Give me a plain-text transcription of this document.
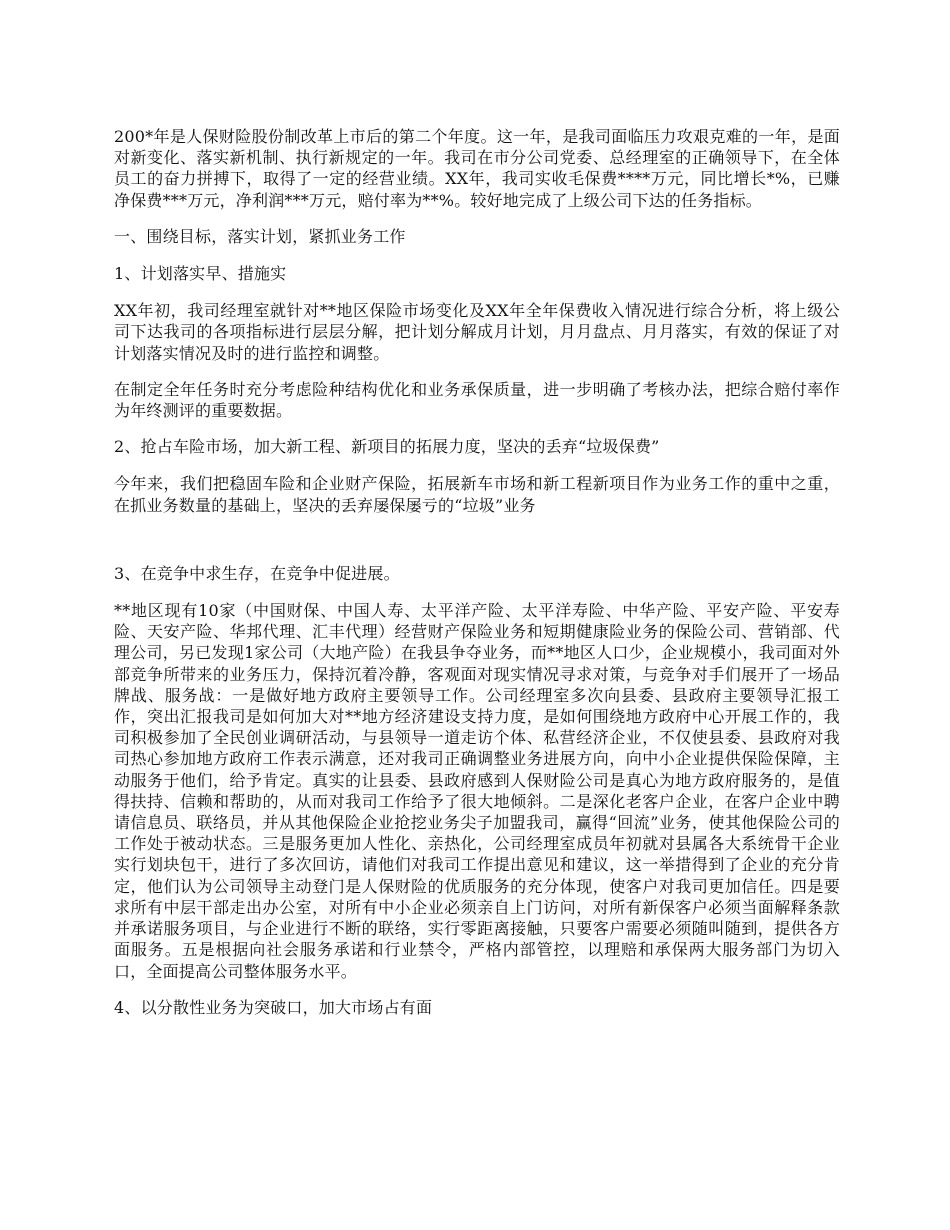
200*年是人保财险股份制改革上市后的第二个年度。这一年，是我司面临压力攻艰克难的一年，是面对新变化、落实新机制、执行新规定的一年。我司在市分公司党委、总经理室的正确领导下，在全体员工的奋力拼搏下，取得了一定的经营业绩。XX年，我司实收毛保费****万元，同比增长*%，已赚净保费***万元，净利润***万元，赔付率为**%。较好地完成了上级公司下达的任务指标。

一、围绕目标，落实计划，紧抓业务工作

1、计划落实早、措施实

XX年初，我司经理室就针对**地区保险市场变化及XX年全年保费收入情况进行综合分析，将上级公司下达我司的各项指标进行层层分解，把计划分解成月计划，月月盘点、月月落实，有效的保证了对计划落实情况及时的进行监控和调整。

在制定全年任务时充分考虑险种结构优化和业务承保质量，进一步明确了考核办法，把综合赔付率作为年终测评的重要数据。

2、抢占车险市场，加大新工程、新项目的拓展力度，坚决的丢弃“垃圾保费”

今年来，我们把稳固车险和企业财产保险，拓展新车市场和新工程新项目作为业务工作的重中之重，在抓业务数量的基础上，坚决的丢弃屡保屡亏的“垃圾”业务

3、在竞争中求生存，在竞争中促进展。

**地区现有10家（中国财保、中国人寿、太平洋产险、太平洋寿险、中华产险、平安产险、平安寿险、天安产险、华邦代理、汇丰代理）经营财产保险业务和短期健康险业务的保险公司、营销部、代理公司，另已发现1家公司（大地产险）在我县争夺业务，而**地区人口少，企业规模小，我司面对外部竞争所带来的业务压力，保持沉着冷静，客观面对现实情况寻求对策，与竞争对手们展开了一场品牌战、服务战：一是做好地方政府主要领导工作。公司经理室多次向县委、县政府主要领导汇报工作，突出汇报我司是如何加大对**地方经济建设支持力度，是如何围绕地方政府中心开展工作的，我司积极参加了全民创业调研活动，与县领导一道走访个体、私营经济企业，不仅使县委、县政府对我司热心参加地方政府工作表示满意，还对我司正确调整业务进展方向，向中小企业提供保险保障，主动服务于他们，给予肯定。真实的让县委、县政府感到人保财险公司是真心为地方政府服务的，是值得扶持、信赖和帮助的，从而对我司工作给予了很大地倾斜。二是深化老客户企业，在客户企业中聘请信息员、联络员，并从其他保险企业抢挖业务尖子加盟我司，赢得“回流”业务，使其他保险公司的工作处于被动状态。三是服务更加人性化、亲热化，公司经理室成员年初就对县属各大系统骨干企业实行划块包干，进行了多次回访，请他们对我司工作提出意见和建议，这一举措得到了企业的充分肯定，他们认为公司领导主动登门是人保财险的优质服务的充分体现，使客户对我司更加信任。四是要求所有中层干部走出办公室，对所有中小企业必须亲自上门访问，对所有新保客户必须当面解释条款并承诺服务项目，与企业进行不断的联络，实行零距离接触，只要客户需要必须随叫随到，提供各方面服务。五是根据向社会服务承诺和行业禁令，严格内部管控，以理赔和承保两大服务部门为切入口，全面提高公司整体服务水平。

4、以分散性业务为突破口，加大市场占有面
